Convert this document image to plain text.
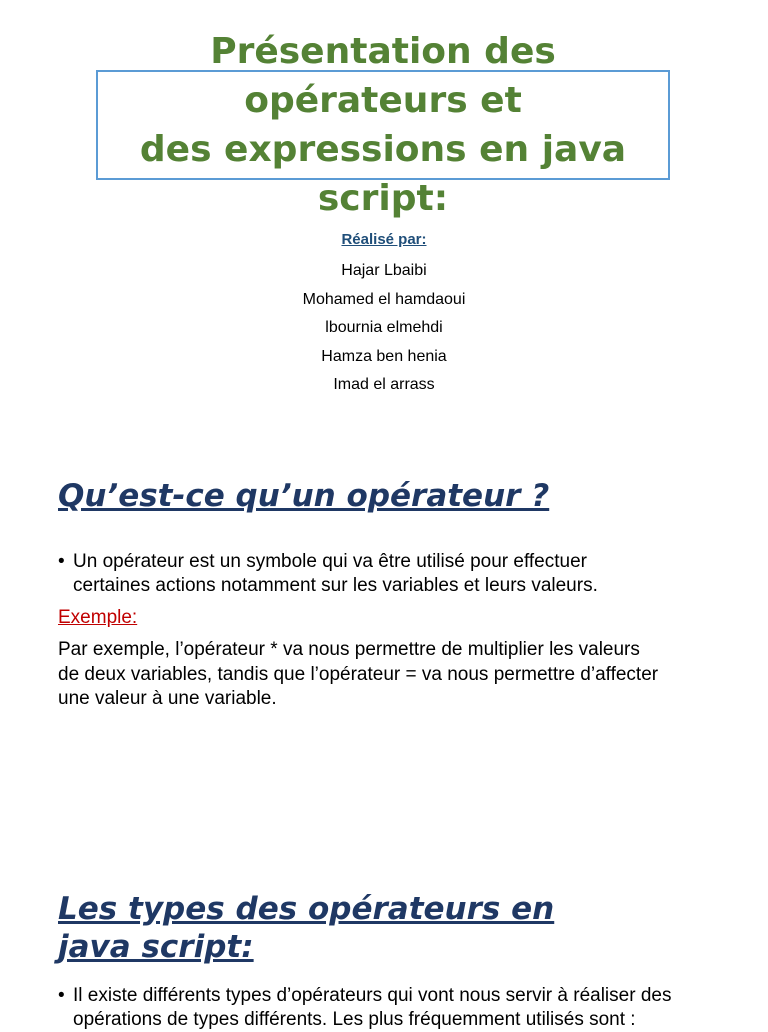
Présentation des opérateurs et
des expressions en java script:
Réalisé par:
Hajar Lbaibi
Mohamed el hamdaoui
lbournia elmehdi
Hamza ben henia
Imad el arrass
Qu’est-ce qu’un opérateur ?
• Un opérateur est un symbole qui va être utilisé pour effectuer
certaines actions notamment sur les variables et leurs valeurs.
Exemple:
Par exemple, l’opérateur * va nous permettre de multiplier les valeurs
de deux variables, tandis que l’opérateur = va nous permettre d’affecter
une valeur à une variable.
Les types des opérateurs en
java script:
• Il existe différents types d’opérateurs qui vont nous servir à réaliser des
opérations de types différents. Les plus fréquemment utilisés sont :
